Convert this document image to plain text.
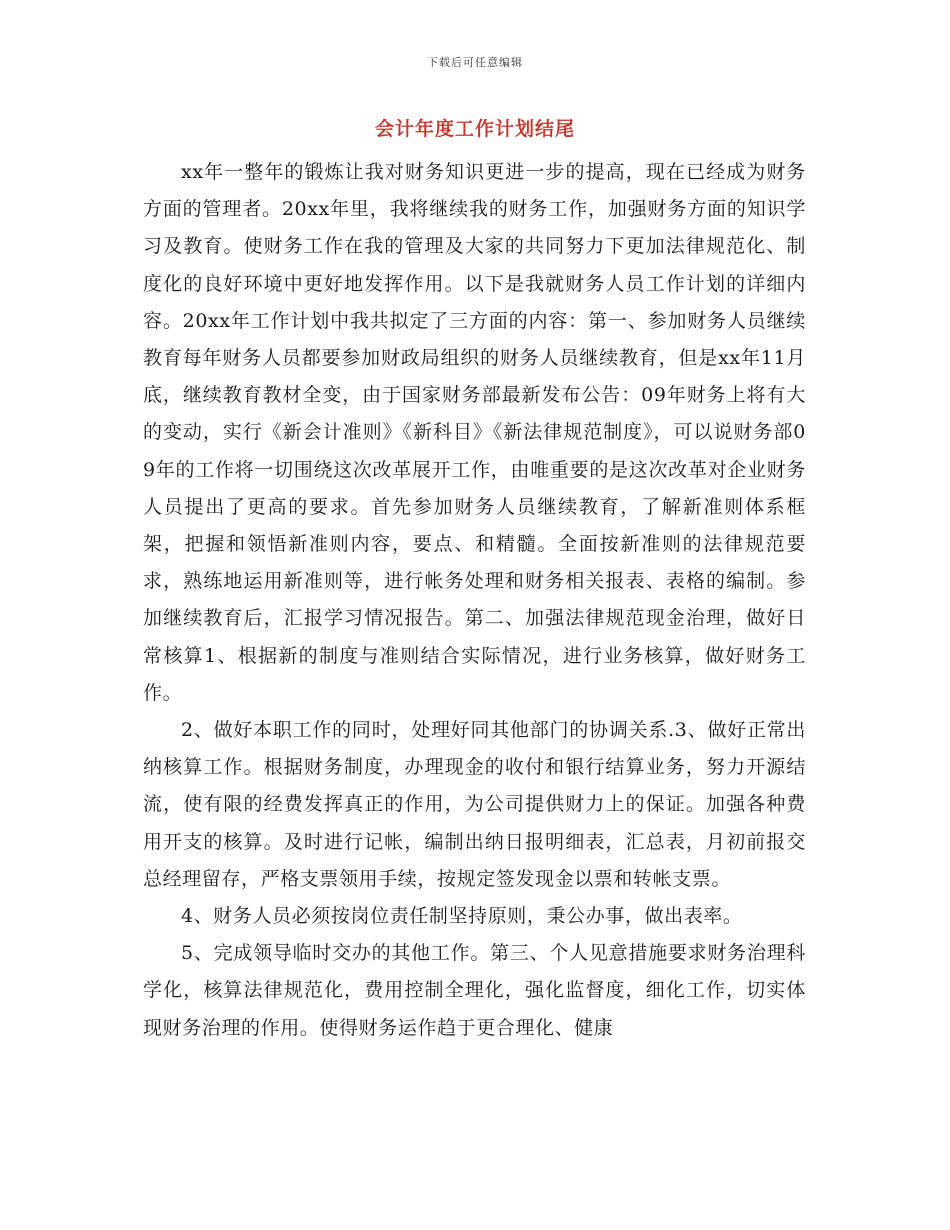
下载后可任意编辑
会计年度工作计划结尾

xx年一整年的锻炼让我对财务知识更进一步的提高，现在已经成为财务方面的管理者。20xx年里，我将继续我的财务工作，加强财务方面的知识学习及教育。使财务工作在我的管理及大家的共同努力下更加法律规范化、制度化的良好环境中更好地发挥作用。以下是我就财务人员工作计划的详细内容。20xx年工作计划中我共拟定了三方面的内容：第一、参加财务人员继续教育每年财务人员都要参加财政局组织的财务人员继续教育，但是xx年11月底，继续教育教材全变，由于国家财务部最新发布公告：09年财务上将有大的变动，实行《新会计准则》《新科目》《新法律规范制度》，可以说财务部09年的工作将一切围绕这次改革展开工作，由唯重要的是这次改革对企业财务人员提出了更高的要求。首先参加财务人员继续教育，了解新准则体系框架，把握和领悟新准则内容，要点、和精髓。全面按新准则的法律规范要求，熟练地运用新准则等，进行帐务处理和财务相关报表、表格的编制。参加继续教育后，汇报学习情况报告。第二、加强法律规范现金治理，做好日常核算1、根据新的制度与准则结合实际情况，进行业务核算，做好财务工作。

2、做好本职工作的同时，处理好同其他部门的协调关系.3、做好正常出纳核算工作。根据财务制度，办理现金的收付和银行结算业务，努力开源结流，使有限的经费发挥真正的作用，为公司提供财力上的保证。加强各种费用开支的核算。及时进行记帐，编制出纳日报明细表，汇总表，月初前报交总经理留存，严格支票领用手续，按规定签发现金以票和转帐支票。

4、财务人员必须按岗位责任制坚持原则，秉公办事，做出表率。

5、完成领导临时交办的其他工作。第三、个人见意措施要求财务治理科学化，核算法律规范化，费用控制全理化，强化监督度，细化工作，切实体现财务治理的作用。使得财务运作趋于更合理化、健康
